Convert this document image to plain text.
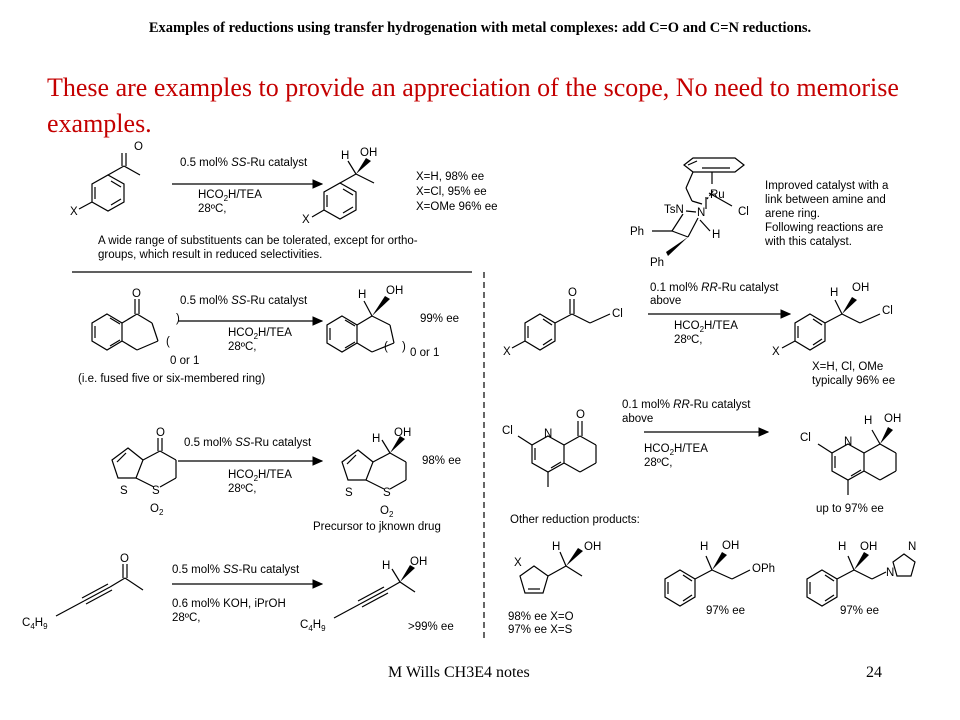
Examples of reductions using transfer hydrogenation with metal complexes: add C=O and C=N reductions.
These are examples to provide an appreciation of the scope, No need to memorise examples.
O
X
0.5 mol% SS-Ru catalyst
$HCO_2H$/TEA
28ºC,
H OH
X
X=H, 98% ee
X=Cl, 95% ee
X=OMe 96% ee
A wide range of substituents can be tolerated, except for ortho-
groups, which result in reduced selectivities.
Ru
TsN N	Cl
H
Ph
Ph
Improved catalyst with a
link between amine and
arene ring.
Following reactions are
with this catalyst.
O
(
)
0 or 1
0.5 mol% SS-Ru catalyst
$HCO_2H$/TEA
28ºC,
H OH
99% ee
( ) 0 or 1
(i.e. fused five or six-membered ring)
O
S S
$O_2$
0.5 mol% SS-Ru catalyst
$HCO_2H$/TEA
28ºC,
H OH
98% ee
S	S
$O_2$
Precursor to jknown drug
O
$C_4H_9$
0.5 mol% SS-Ru catalyst
0.6 mol% KOH, iPrOH
28ºC,
H OH
$C_4H_9$	>99% ee
O
Cl
X
0.1 mol% RR-Ru catalyst
above
$HCO_2H$/TEA
28ºC,
H OH
Cl
X
X=H, Cl, OMe
typically 96% ee
Cl	N
O
0.1 mol% RR-Ru catalyst
above
$HCO_2H$/TEA
28ºC,
H OH
Cl	N
up to 97% ee
Other reduction products:
X
H OH
98% ee X=O
97% ee X=S
H OH
OPh
97% ee
H OH	N
N
97% ee
M Wills CH3E4 notes	24
